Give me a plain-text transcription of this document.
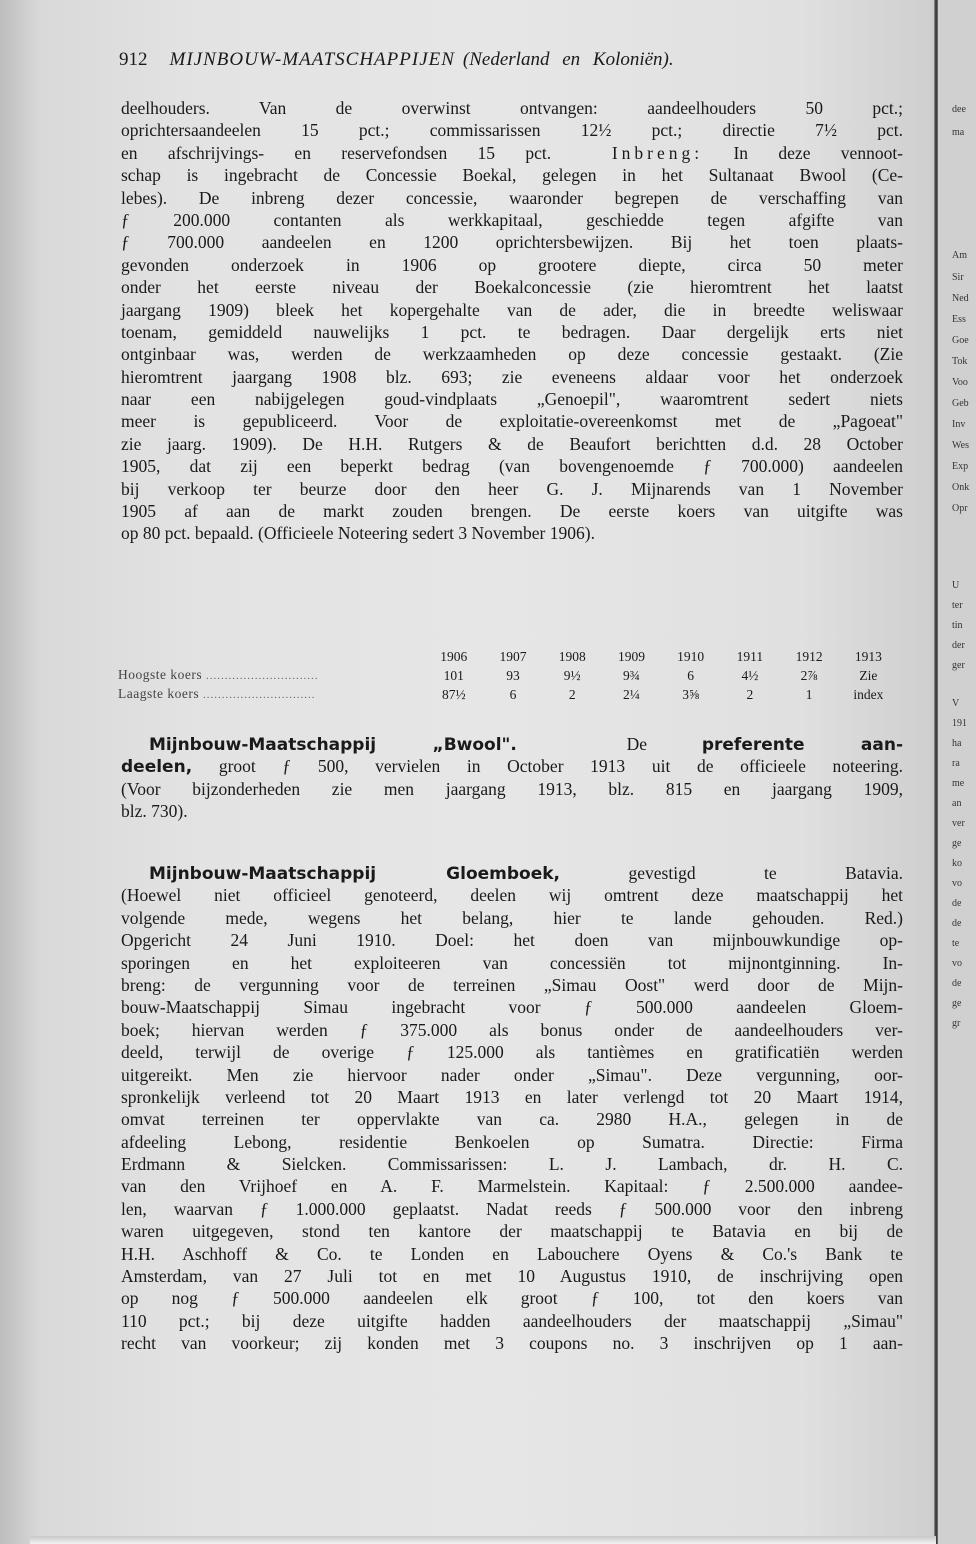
912 MIJNBOUW-MAATSCHAPPIJEN (Nederland en Koloniën).
deelhouders. Van de overwinst ontvangen: aandeelhouders 50 pct.;
oprichtersaandeelen 15 pct.; commissarissen 12½ pct.; directie 7½ pct.
en afschrijvings- en reservefondsen 15 pct.	Inbreng: In deze vennoot-
schap is ingebracht de Concessie Boekal, gelegen in het Sultanaat Bwool (Ce-
lebes). De inbreng dezer concessie, waaronder begrepen de verschaffing van
ƒ 200.000 contanten als werkkapitaal, geschiedde tegen afgifte van
ƒ 700.000 aandeelen en 1200 oprichtersbewijzen. Bij het toen plaats-
gevonden onderzoek in 1906 op grootere diepte, circa 50 meter
onder het eerste niveau der Boekalconcessie (zie hieromtrent het laatst
jaargang 1909) bleek het kopergehalte van de ader, die in breedte weliswaar
toenam, gemiddeld nauwelijks 1 pct. te bedragen. Daar dergelijk erts niet
ontginbaar was, werden de werkzaamheden op deze concessie gestaakt. (Zie
hieromtrent jaargang 1908 blz. 693; zie eveneens aldaar voor het onderzoek
naar een nabijgelegen goud-vindplaats „Genoepil", waaromtrent sedert niets
meer is gepubliceerd. Voor de exploitatie-overeenkomst met de „Pagoeat"
zie jaarg. 1909). De H.H. Rutgers & de Beaufort berichtten d.d. 28 October
1905, dat zij een beperkt bedrag (van bovengenoemde ƒ 700.000) aandeelen
bij verkoop ter beurze door den heer G. J. Mijnarends van 1 November
1905 af aan de markt zouden brengen. De eerste koers van uitgifte was
op 80 pct. bepaald. (Officieele Noteering sedert 3 November 1906).
	1906	1907	1908	1909	1910	1911	1912	1913
Hoogste koers ..............................	101	93	9½	9¾	6	4½	2⅞	Zie
Laagste koers ..............................	87½	6	2	2¼	3⅝	2	1	index
Mijnbouw-Maatschappij „Bwool".	De	preferente aan-
deelen, groot ƒ 500, vervielen in October 1913 uit de officieele noteering.
(Voor bijzonderheden zie men jaargang 1913, blz. 815 en jaargang 1909,
blz. 730).
Mijnbouw-Maatschappij Gloemboek,	gevestigd te Batavia.
(Hoewel niet officieel genoteerd, deelen wij omtrent deze maatschappij het
volgende mede, wegens het belang, hier te lande gehouden. Red.)
Opgericht 24 Juni 1910. Doel: het doen van mijnbouwkundige op-
sporingen en het exploiteeren van concessiën tot mijnontginning. In-
breng: de vergunning voor de terreinen „Simau Oost" werd door de Mijn-
bouw-Maatschappij Simau ingebracht voor ƒ 500.000 aandeelen Gloem-
boek; hiervan werden ƒ 375.000 als bonus onder de aandeelhouders ver-
deeld, terwijl de overige ƒ 125.000 als tantièmes en gratificatiën werden
uitgereikt. Men zie hiervoor nader onder „Simau". Deze vergunning, oor-
spronkelijk verleend tot 20 Maart 1913 en later verlengd tot 20 Maart 1914,
omvat terreinen ter oppervlakte van ca. 2980 H.A., gelegen in de
afdeeling Lebong, residentie Benkoelen op Sumatra. Directie: Firma
Erdmann & Sielcken. Commissarissen: L. J. Lambach, dr. H. C.
van den Vrijhoef en A. F. Marmelstein. Kapitaal: ƒ 2.500.000 aandee-
len, waarvan ƒ 1.000.000 geplaatst. Nadat reeds ƒ 500.000 voor den inbreng
waren uitgegeven, stond ten kantore der maatschappij te Batavia en bij de
H.H. Aschhoff & Co. te Londen en Labouchere Oyens & Co.'s Bank te
Amsterdam, van 27 Juli tot en met 10 Augustus 1910, de inschrijving open
op nog ƒ 500.000 aandeelen elk groot ƒ 100, tot den koers van
110 pct.; bij deze uitgifte hadden aandeelhouders der maatschappij „Simau"
recht van voorkeur; zij konden met 3 coupons no. 3 inschrijven op 1 aan-
dee
ma
Am
Sir
Ned
Ess
Goe
Tok
Voo
Geb
Inv
Wes
Exp
Onk
Opr
U
ter
tin
der
ger
V
191
ha
ra
me
an
ver
ge
ko
vo
de
de
te
vo
de
ge
gr
